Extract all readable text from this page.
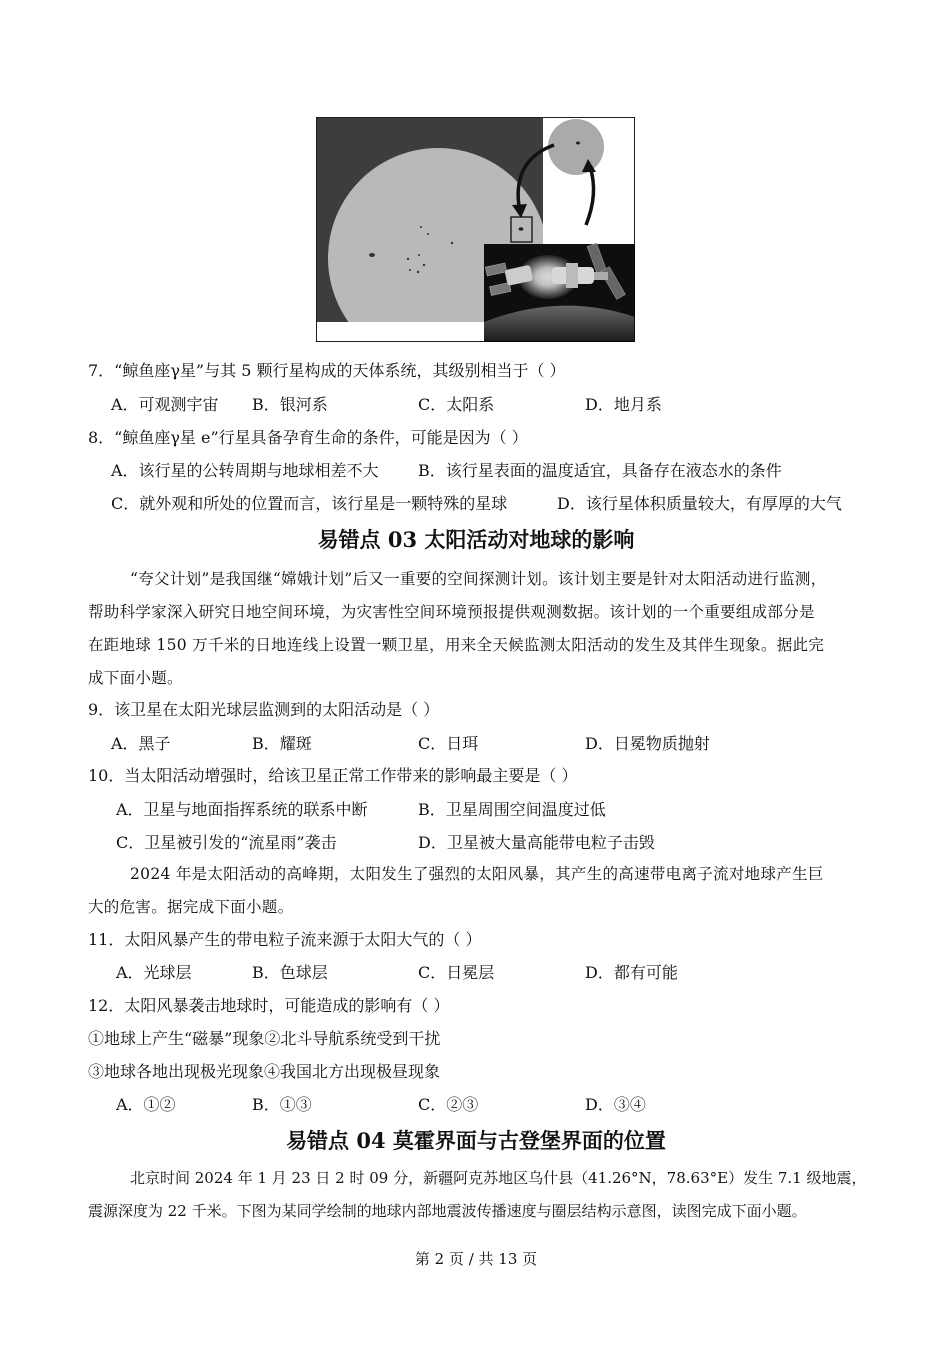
7．“鲸鱼座γ星”与其 5 颗行星构成的天体系统，其级别相当于（ ）
A．可观测宇宙 B．银河系	C．太阳系	D．地月系
8．“鲸鱼座γ星 e”行星具备孕育生命的条件，可能是因为（ ）
A．该行星的公转周期与地球相差不大 B．该行星表面的温度适宜，具备存在液态水的条件
C．就外观和所处的位置而言，该行星是一颗特殊的星球	D．该行星体积质量较大，有厚厚的大气
易错点 03 太阳活动对地球的影响
“夸父计划”是我国继“嫦娥计划”后又一重要的空间探测计划。该计划主要是针对太阳活动进行监测，
帮助科学家深入研究日地空间环境，为灾害性空间环境预报提供观测数据。该计划的一个重要组成部分是
在距地球 150 万千米的日地连线上设置一颗卫星，用来全天候监测太阳活动的发生及其伴生现象。据此完
成下面小题。
9．该卫星在太阳光球层监测到的太阳活动是（ ）
A．黑子	B．耀斑	C．日珥	D．日冕物质抛射
10．当太阳活动增强时，给该卫星正常工作带来的影响最主要是（ ）
A．卫星与地面指挥系统的联系中断	B．卫星周围空间温度过低
C．卫星被引发的“流星雨”袭击	D．卫星被大量高能带电粒子击毁
2024 年是太阳活动的高峰期，太阳发生了强烈的太阳风暴，其产生的高速带电离子流对地球产生巨
大的危害。据完成下面小题。
11．太阳风暴产生的带电粒子流来源于太阳大气的（ ）
A．光球层	B．色球层	C．日冕层	D．都有可能
12．太阳风暴袭击地球时，可能造成的影响有（ ）
①地球上产生“磁暴”现象②北斗导航系统受到干扰
③地球各地出现极光现象④我国北方出现极昼现象
A．①②	B．①③	C．②③	D．③④
易错点 04 莫霍界面与古登堡界面的位置
北京时间 2024 年 1 月 23 日 2 时 09 分，新疆阿克苏地区乌什县（41.26°N，78.63°E）发生 7.1 级地震，
震源深度为 22 千米。下图为某同学绘制的地球内部地震波传播速度与圈层结构示意图，读图完成下面小题。
第 2 页 / 共 13 页
